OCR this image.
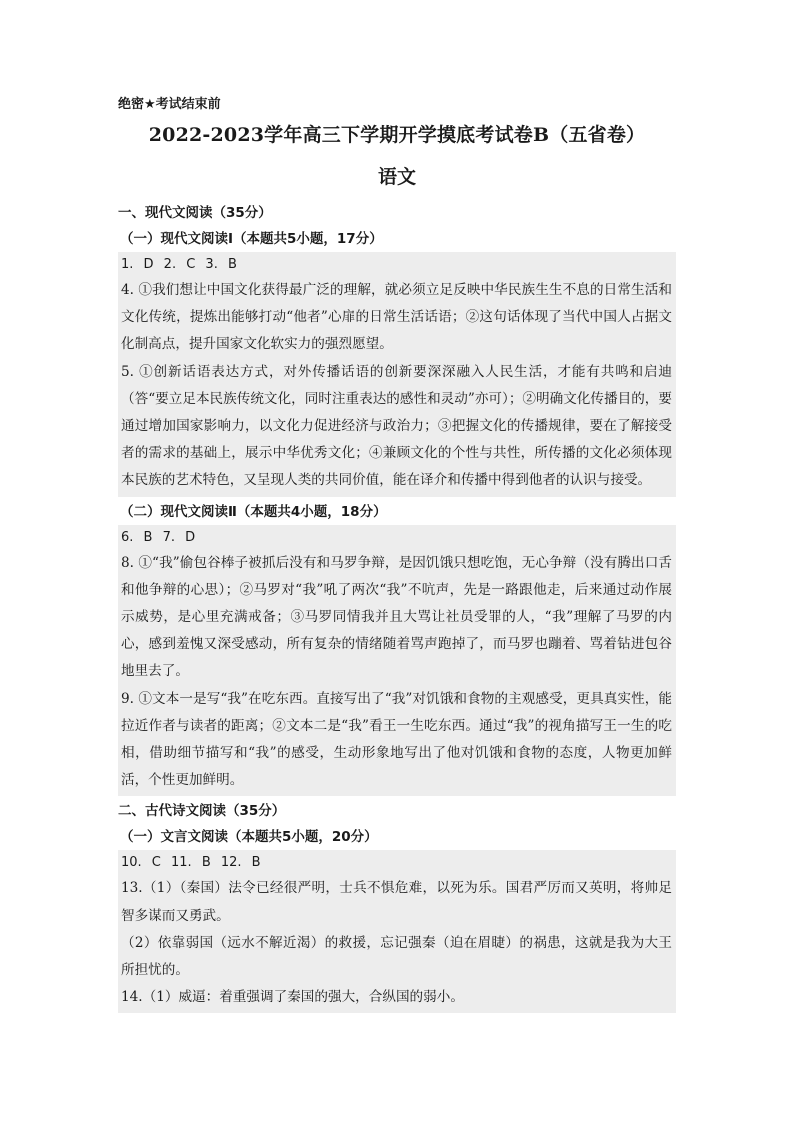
绝密★考试结束前

2022-2023学年高三下学期开学摸底考试卷B（五省卷）
语文
一、现代文阅读（35分）
（一）现代文阅读Ⅰ（本题共5小题，17分）

1. D 2. C 3. B

4. ①我们想让中国文化获得最广泛的理解，就必须立足反映中华民族生生不息的日常生活和文化传统，提炼出能够打动“他者”心扉的日常生活话语；②这句话体现了当代中国人占据文化制高点，提升国家文化软实力的强烈愿望。

5. ①创新话语表达方式，对外传播话语的创新要深深融入人民生活，才能有共鸣和启迪（答“要立足本民族传统文化，同时注重表达的感性和灵动”亦可）；②明确文化传播目的，要通过增加国家影响力，以文化力促进经济与政治力；③把握文化的传播规律，要在了解接受者的需求的基础上，展示中华优秀文化；④兼顾文化的个性与共性，所传播的文化必须体现本民族的艺术特色，又呈现人类的共同价值，能在译介和传播中得到他者的认识与接受。

（二）现代文阅读Ⅱ（本题共4小题，18分）

6. B 7. D

8. ①“我”偷包谷棒子被抓后没有和马罗争辩，是因饥饿只想吃饱，无心争辩（没有腾出口舌和他争辩的心思）；②马罗对“我”吼了两次“我”不吭声，先是一路跟他走，后来通过动作展示威势，是心里充满戒备；③马罗同情我并且大骂让社员受罪的人，“我”理解了马罗的内心，感到羞愧又深受感动，所有复杂的情绪随着骂声跑掉了，而马罗也蹦着、骂着钻进包谷地里去了。

9. ①文本一是写“我”在吃东西。直接写出了“我”对饥饿和食物的主观感受，更具真实性，能拉近作者与读者的距离；②文本二是“我”看王一生吃东西。通过“我”的视角描写王一生的吃相，借助细节描写和“我”的感受，生动形象地写出了他对饥饿和食物的态度，人物更加鲜活，个性更加鲜明。

二、古代诗文阅读（35分）
（一）文言文阅读（本题共5小题，20分）

10. C 11. B 12. B

13.（1）（秦国）法令已经很严明，士兵不惧危难，以死为乐。国君严厉而又英明，将帅足智多谋而又勇武。

（2）依靠弱国（远水不解近渴）的救援，忘记强秦（迫在眉睫）的祸患，这就是我为大王所担忧的。

14.（1）威逼：着重强调了秦国的强大，合纵国的弱小。
